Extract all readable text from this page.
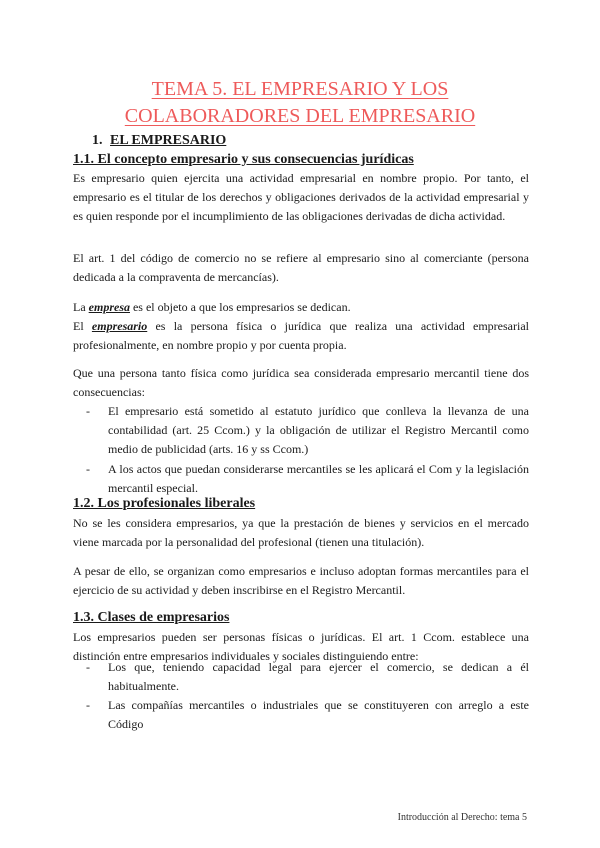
TEMA 5. EL EMPRESARIO Y LOS
COLABORADORES DEL EMPRESARIO
1. EL EMPRESARIO
1.1. El concepto empresario y sus consecuencias jurídicas
Es empresario quien ejercita una actividad empresarial en nombre propio. Por tanto, el empresario es el titular de los derechos y obligaciones derivados de la actividad empresarial y es quien responde por el incumplimiento de las obligaciones derivadas de dicha actividad.
El art. 1 del código de comercio no se refiere al empresario sino al comerciante (persona dedicada a la compraventa de mercancías).
La empresa es el objeto a que los empresarios se dedican.
El empresario es la persona física o jurídica que realiza una actividad empresarial profesionalmente, en nombre propio y por cuenta propia.
Que una persona tanto física como jurídica sea considerada empresario mercantil tiene dos consecuencias:
- El empresario está sometido al estatuto jurídico que conlleva la llevanza de una contabilidad (art. 25 Ccom.) y la obligación de utilizar el Registro Mercantil como medio de publicidad (arts. 16 y ss Ccom.)
- A los actos que puedan considerarse mercantiles se les aplicará el Com y la legislación mercantil especial.
1.2. Los profesionales liberales
No se les considera empresarios, ya que la prestación de bienes y servicios en el mercado viene marcada por la personalidad del profesional (tienen una titulación).
A pesar de ello, se organizan como empresarios e incluso adoptan formas mercantiles para el ejercicio de su actividad y deben inscribirse en el Registro Mercantil.
1.3. Clases de empresarios
Los empresarios pueden ser personas físicas o jurídicas. El art. 1 Ccom. establece una distinción entre empresarios individuales y sociales distinguiendo entre:
- Los que, teniendo capacidad legal para ejercer el comercio, se dedican a él habitualmente.
- Las compañías mercantiles o industriales que se constituyeren con arreglo a este Código
Introducción al Derecho: tema 5
